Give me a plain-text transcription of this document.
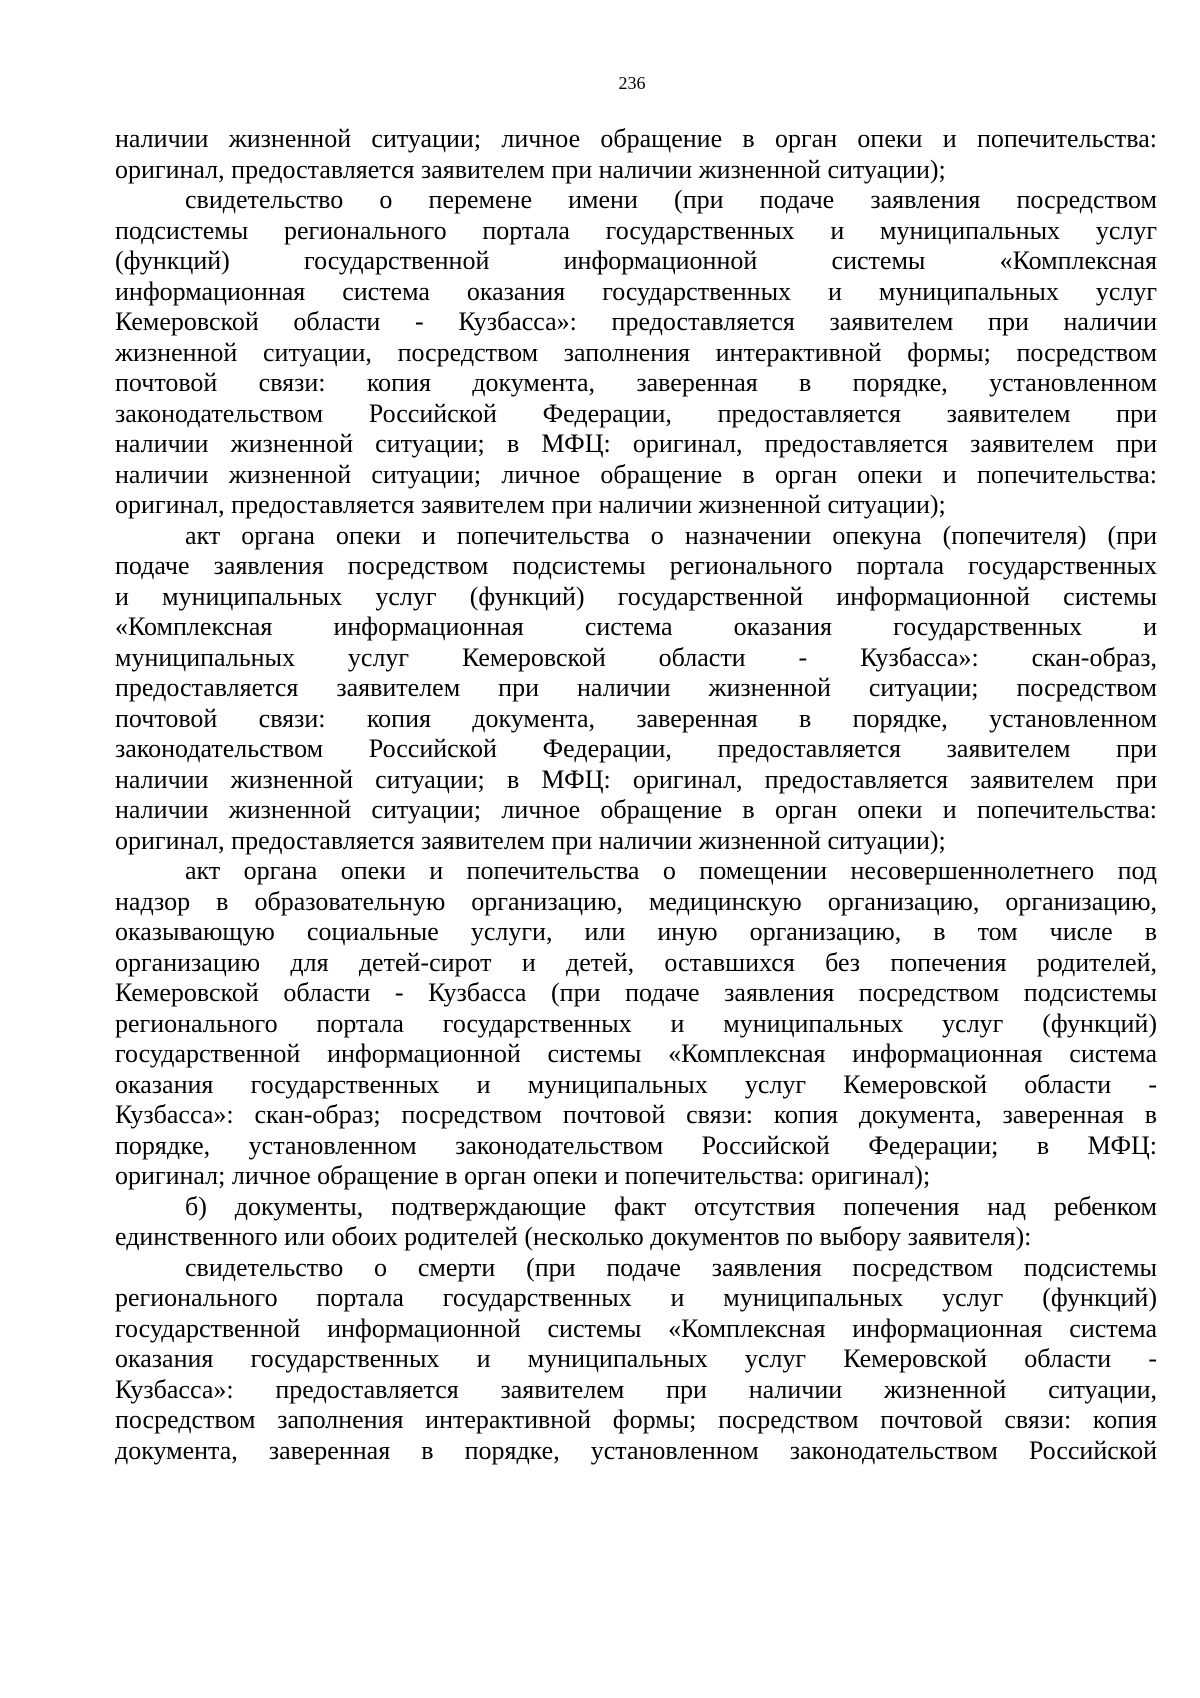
236
наличии жизненной ситуации; личное обращение в орган опеки и попечительства:
оригинал, предоставляется заявителем при наличии жизненной ситуации);
свидетельство о перемене имени (при подаче заявления посредством
подсистемы регионального портала государственных и муниципальных услуг
(функций) государственной информационной системы «Комплексная
информационная система оказания государственных и муниципальных услуг
Кемеровской области - Кузбасса»: предоставляется заявителем при наличии
жизненной ситуации, посредством заполнения интерактивной формы; посредством
почтовой связи: копия документа, заверенная в порядке, установленном
законодательством Российской Федерации, предоставляется заявителем при
наличии жизненной ситуации; в МФЦ: оригинал, предоставляется заявителем при
наличии жизненной ситуации; личное обращение в орган опеки и попечительства:
оригинал, предоставляется заявителем при наличии жизненной ситуации);
акт органа опеки и попечительства о назначении опекуна (попечителя) (при
подаче заявления посредством подсистемы регионального портала государственных
и муниципальных услуг (функций) государственной информационной системы
«Комплексная информационная система оказания государственных и
муниципальных услуг Кемеровской области - Кузбасса»: скан-образ,
предоставляется заявителем при наличии жизненной ситуации; посредством
почтовой связи: копия документа, заверенная в порядке, установленном
законодательством Российской Федерации, предоставляется заявителем при
наличии жизненной ситуации; в МФЦ: оригинал, предоставляется заявителем при
наличии жизненной ситуации; личное обращение в орган опеки и попечительства:
оригинал, предоставляется заявителем при наличии жизненной ситуации);
акт органа опеки и попечительства о помещении несовершеннолетнего под
надзор в образовательную организацию, медицинскую организацию, организацию,
оказывающую социальные услуги, или иную организацию, в том числе в
организацию для детей-сирот и детей, оставшихся без попечения родителей,
Кемеровской области - Кузбасса (при подаче заявления посредством подсистемы
регионального портала государственных и муниципальных услуг (функций)
государственной информационной системы «Комплексная информационная система
оказания государственных и муниципальных услуг Кемеровской области -
Кузбасса»: скан-образ; посредством почтовой связи: копия документа, заверенная в
порядке, установленном законодательством Российской Федерации; в МФЦ:
оригинал; личное обращение в орган опеки и попечительства: оригинал);
б) документы, подтверждающие факт отсутствия попечения над ребенком
единственного или обоих родителей (несколько документов по выбору заявителя):
свидетельство о смерти (при подаче заявления посредством подсистемы
регионального портала государственных и муниципальных услуг (функций)
государственной информационной системы «Комплексная информационная система
оказания государственных и муниципальных услуг Кемеровской области -
Кузбасса»: предоставляется заявителем при наличии жизненной ситуации,
посредством заполнения интерактивной формы; посредством почтовой связи: копия
документа, заверенная в порядке, установленном законодательством Российской
